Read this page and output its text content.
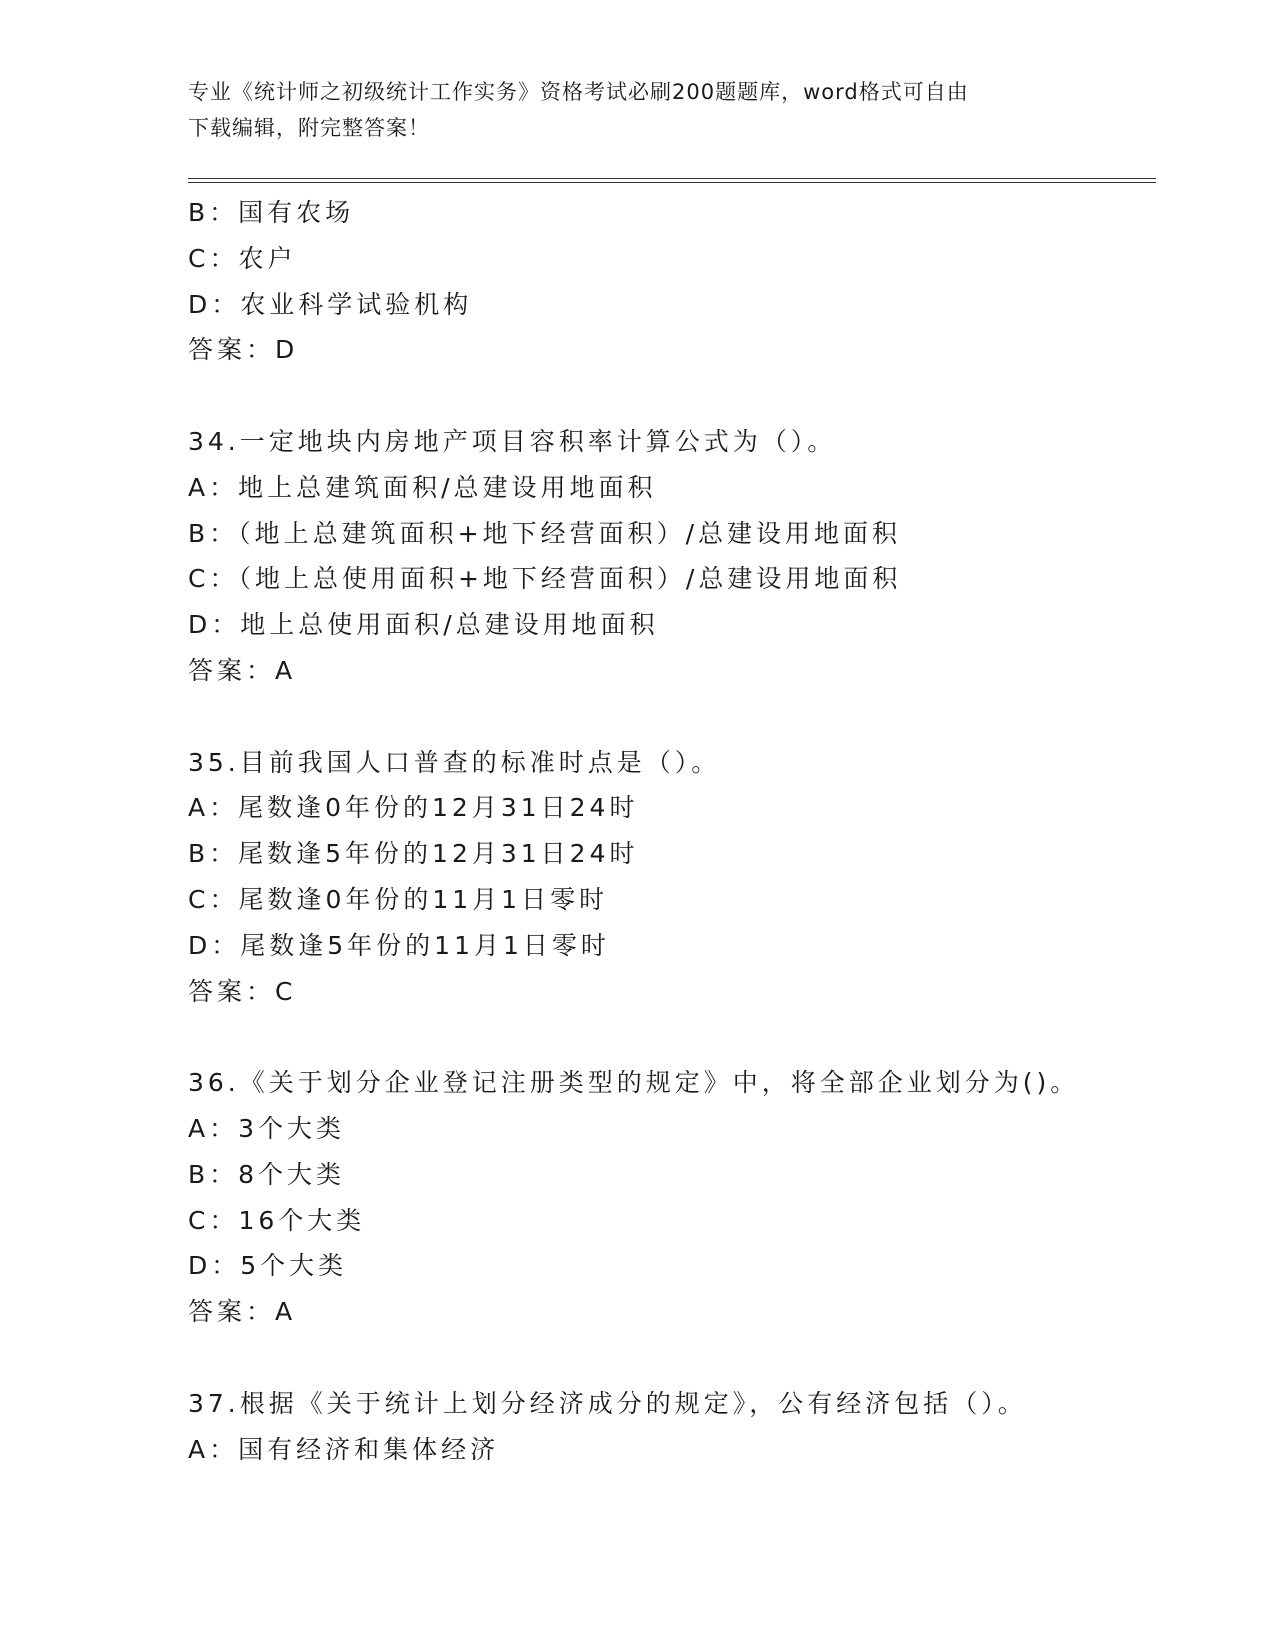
专业《统计师之初级统计工作实务》资格考试必刷200题题库，word格式可自由
下载编辑，附完整答案！
B：国有农场
C：农户
D：农业科学试验机构
答案：D
34.一定地块内房地产项目容积率计算公式为（）。
A：地上总建筑面积/总建设用地面积
B：（地上总建筑面积+地下经营面积）/总建设用地面积
C：（地上总使用面积+地下经营面积）/总建设用地面积
D：地上总使用面积/总建设用地面积
答案：A
35.目前我国人口普查的标准时点是（）。
A：尾数逢0年份的12月31日24时
B：尾数逢5年份的12月31日24时
C：尾数逢0年份的11月1日零时
D：尾数逢5年份的11月1日零时
答案：C
36.《关于划分企业登记注册类型的规定》中，将全部企业划分为()。
A：3个大类
B：8个大类
C：16个大类
D：5个大类
答案：A
37.根据《关于统计上划分经济成分的规定》，公有经济包括（）。
A：国有经济和集体经济
